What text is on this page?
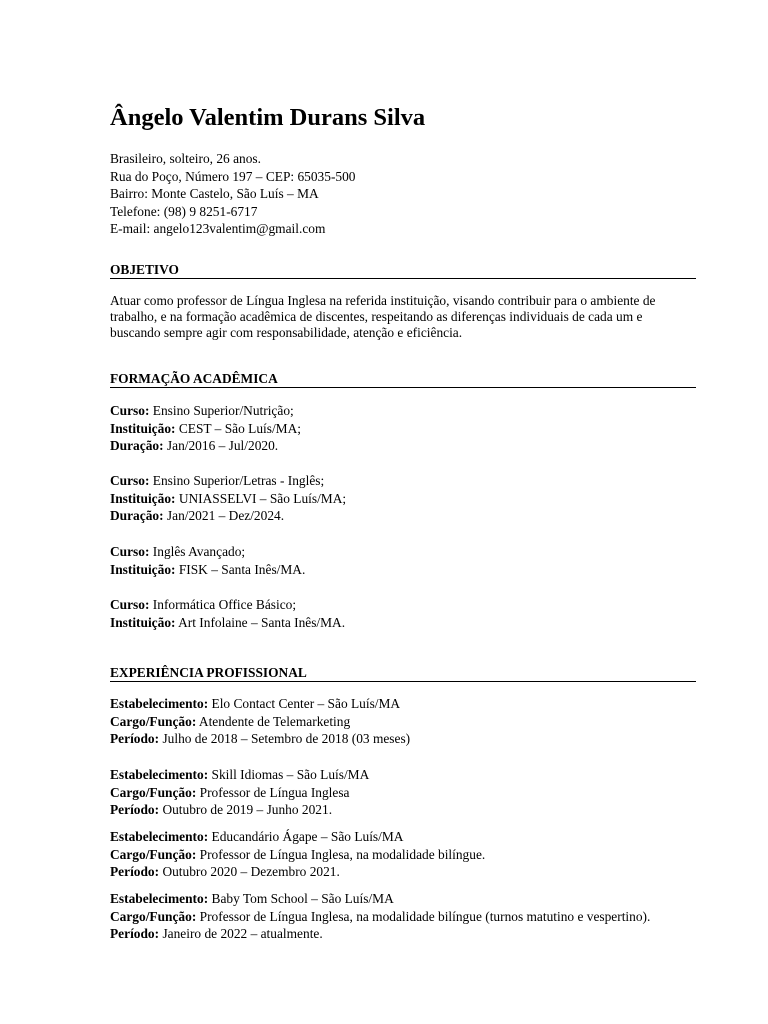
Ângelo Valentim Durans Silva
Brasileiro, solteiro, 26 anos.
Rua do Poço, Número 197 – CEP: 65035-500
Bairro: Monte Castelo, São Luís – MA
Telefone: (98) 9 8251-6717
E-mail: angelo123valentim@gmail.com
OBJETIVO
Atuar como professor de Língua Inglesa na referida instituição, visando contribuir para o ambiente de trabalho, e na formação acadêmica de discentes, respeitando as diferenças individuais de cada um e buscando sempre agir com responsabilidade, atenção e eficiência.
FORMAÇÃO ACADÊMICA
Curso: Ensino Superior/Nutrição;
Instituição: CEST – São Luís/MA;
Duração: Jan/2016 – Jul/2020.
Curso: Ensino Superior/Letras - Inglês;
Instituição: UNIASSELVI – São Luís/MA;
Duração: Jan/2021 – Dez/2024.
Curso: Inglês Avançado;
Instituição: FISK – Santa Inês/MA.
Curso: Informática Office Básico;
Instituição: Art Infolaine – Santa Inês/MA.
EXPERIÊNCIA PROFISSIONAL
Estabelecimento: Elo Contact Center – São Luís/MA
Cargo/Função: Atendente de Telemarketing
Período: Julho de 2018 – Setembro de 2018 (03 meses)
Estabelecimento: Skill Idiomas – São Luís/MA
Cargo/Função: Professor de Língua Inglesa
Período: Outubro de 2019 – Junho 2021.
Estabelecimento: Educandário Ágape – São Luís/MA
Cargo/Função: Professor de Língua Inglesa, na modalidade bilíngue.
Período: Outubro 2020 – Dezembro 2021.
Estabelecimento: Baby Tom School – São Luís/MA
Cargo/Função: Professor de Língua Inglesa, na modalidade bilíngue (turnos matutino e vespertino).
Período: Janeiro de 2022 – atualmente.
